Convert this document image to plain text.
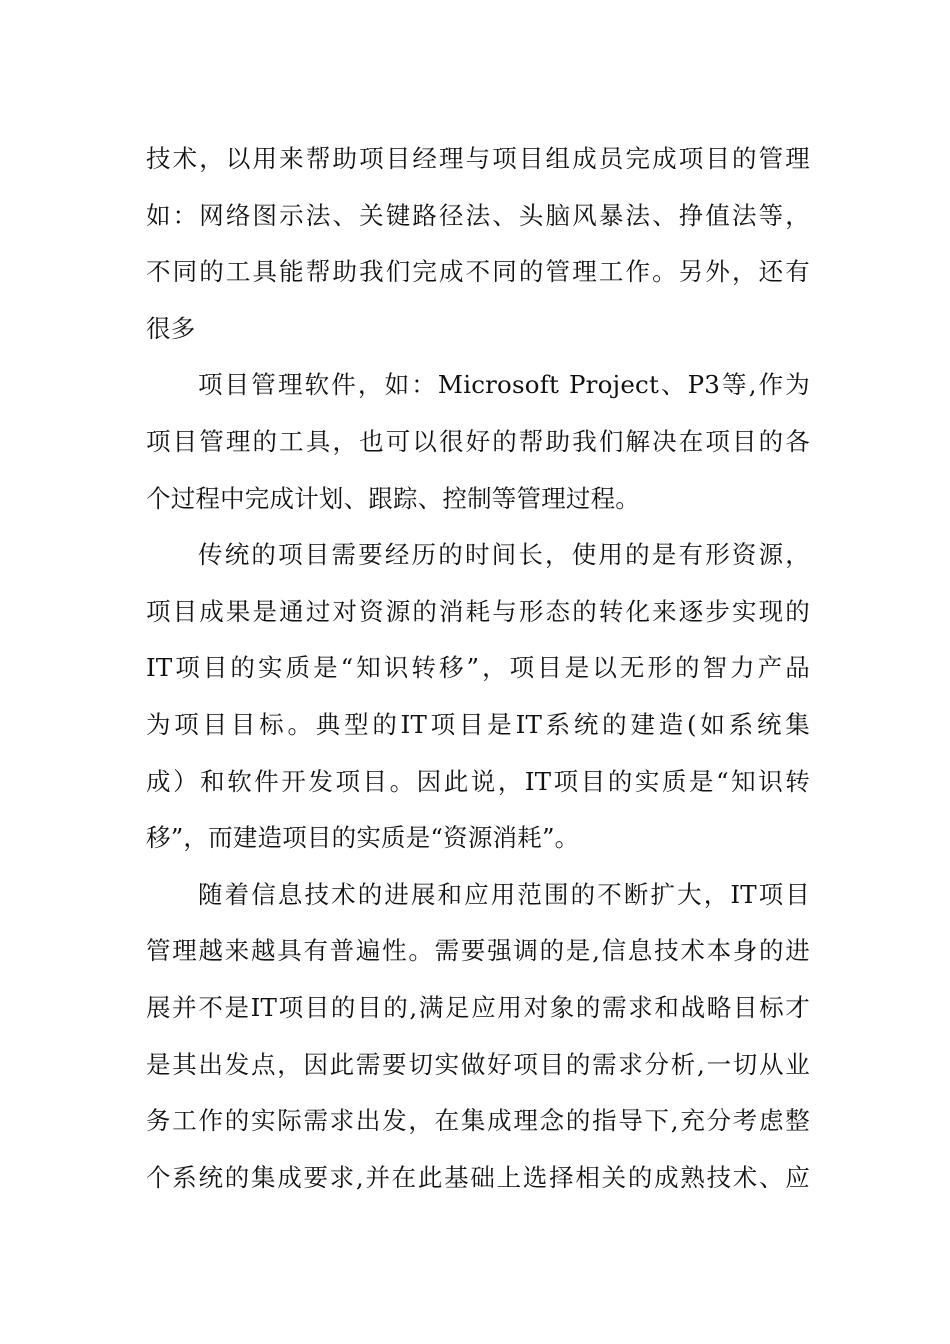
技术，以用来帮助项目经理与项目组成员完成项目的管理
如：网络图示法、关键路径法、头脑风暴法、挣值法等，
不同的工具能帮助我们完成不同的管理工作。另外，还有
很多

项目管理软件，如：Microsoft Project、P3等,作为
项目管理的工具，也可以很好的帮助我们解决在项目的各
个过程中完成计划、跟踪、控制等管理过程。

传统的项目需要经历的时间长，使用的是有形资源，
项目成果是通过对资源的消耗与形态的转化来逐步实现的
IT项目的实质是“知识转移”，项目是以无形的智力产品
为项目目标。典型的IT项目是IT系统的建造(如系统集
成）和软件开发项目。因此说，IT项目的实质是“知识转
移”，而建造项目的实质是“资源消耗”。

随着信息技术的进展和应用范围的不断扩大，IT项目
管理越来越具有普遍性。需要强调的是,信息技术本身的进
展并不是IT项目的目的,满足应用对象的需求和战略目标才
是其出发点，因此需要切实做好项目的需求分析,一切从业
务工作的实际需求出发，在集成理念的指导下,充分考虑整
个系统的集成要求,并在此基础上选择相关的成熟技术、应
